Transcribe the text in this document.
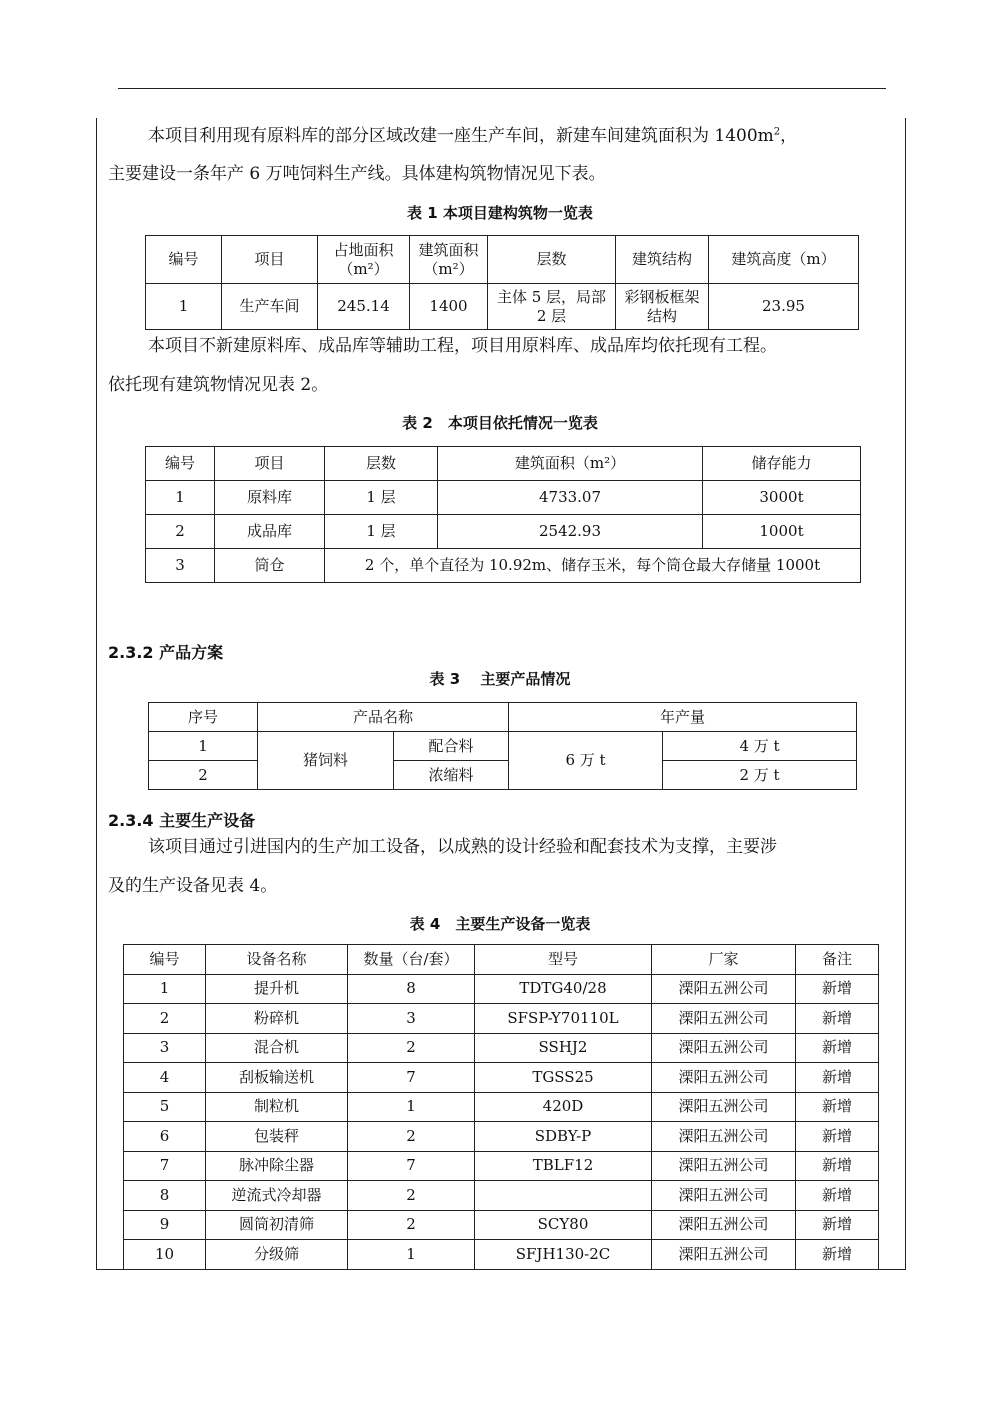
本项目利用现有原料库的部分区域改建一座生产车间，新建车间建筑面积为 $1400m^2$，
主要建设一条年产 6 万吨饲料生产线。具体建构筑物情况见下表。
表 1 本项目建构筑物一览表
编号	项目	占地面积（m²）	建筑面积（m²）	层数	建筑结构	建筑高度（m）
1	生产车间	245.14	1400	主体 5 层，局部 2 层	彩钢板框架结构	23.95
本项目不新建原料库、成品库等辅助工程，项目用原料库、成品库均依托现有工程。
依托现有建筑物情况见表 2。
表 2　本项目依托情况一览表
编号	项目	层数	建筑面积（m²）	储存能力
1	原料库	1 层	4733.07	3000t
2	成品库	1 层	2542.93	1000t
3	筒仓	2 个，单个直径为 10.92m、储存玉米，每个筒仓最大存储量 1000t		
2.3.2 产品方案
表 3　 主要产品情况
序号	产品名称		年产量	
1	猪饲料	配合料	6 万 t	4 万 t
2		浓缩料		2 万 t
2.3.4 主要生产设备
该项目通过引进国内的生产加工设备，以成熟的设计经验和配套技术为支撑，主要涉
及的生产设备见表 4。
表 4　主要生产设备一览表
编号	设备名称	数量（台/套）	型号	厂家	备注
1	提升机	8	TDTG40/28	溧阳五洲公司	新增
2	粉碎机	3	SFSP-Y70110L	溧阳五洲公司	新增
3	混合机	2	SSHJ2	溧阳五洲公司	新增
4	刮板输送机	7	TGSS25	溧阳五洲公司	新增
5	制粒机	1	420D	溧阳五洲公司	新增
6	包装秤	2	SDBY-P	溧阳五洲公司	新增
7	脉冲除尘器	7	TBLF12	溧阳五洲公司	新增
8	逆流式冷却器	2		溧阳五洲公司	新增
9	圆筒初清筛	2	SCY80	溧阳五洲公司	新增
10	分级筛	1	SFJH130-2C	溧阳五洲公司	新增
